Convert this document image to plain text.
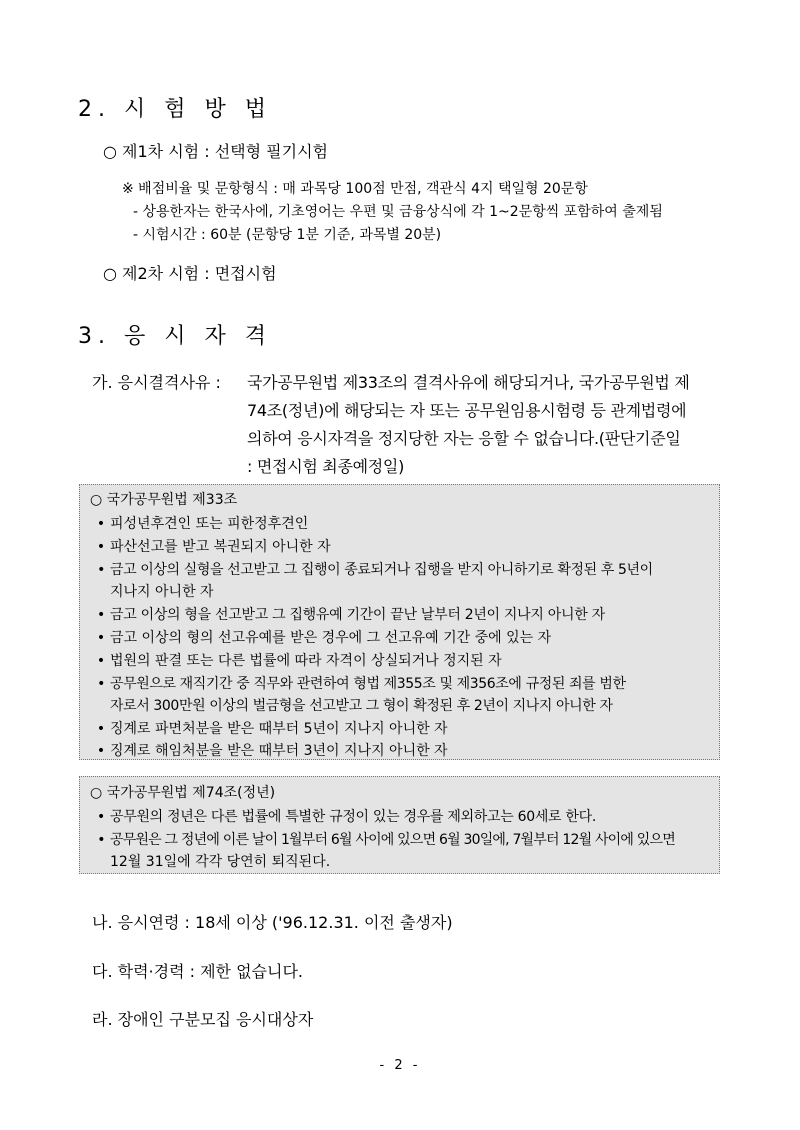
2. 시 험 방 법
○ 제1차 시험 : 선택형 필기시험
※ 배점비율 및 문항형식 : 매 과목당 100점 만점, 객관식 4지 택일형 20문항
- 상용한자는 한국사에, 기초영어는 우편 및 금융상식에 각 1~2문항씩 포함하여 출제됨
- 시험시간 : 60분 (문항당 1분 기준, 과목별 20분)
○ 제2차 시험 : 면접시험
3. 응 시 자 격
가. 응시결격사유 : 국가공무원법 제33조의 결격사유에 해당되거나, 국가공무원법 제
74조(정년)에 해당되는 자 또는 공무원임용시험령 등 관계법령에
의하여 응시자격을 정지당한 자는 응할 수 없습니다.(판단기준일
: 면접시험 최종예정일)
○ 국가공무원법 제33조
• 피성년후견인 또는 피한정후견인
• 파산선고를 받고 복권되지 아니한 자
• 금고 이상의 실형을 선고받고 그 집행이 종료되거나 집행을 받지 아니하기로 확정된 후 5년이
지나지 아니한 자
• 금고 이상의 형을 선고받고 그 집행유예 기간이 끝난 날부터 2년이 지나지 아니한 자
• 금고 이상의 형의 선고유예를 받은 경우에 그 선고유예 기간 중에 있는 자
• 법원의 판결 또는 다른 법률에 따라 자격이 상실되거나 정지된 자
• 공무원으로 재직기간 중 직무와 관련하여 형법 제355조 및 제356조에 규정된 죄를 범한
자로서 300만원 이상의 벌금형을 선고받고 그 형이 확정된 후 2년이 지나지 아니한 자
• 징계로 파면처분을 받은 때부터 5년이 지나지 아니한 자
• 징계로 해임처분을 받은 때부터 3년이 지나지 아니한 자
○ 국가공무원법 제74조(정년)
• 공무원의 정년은 다른 법률에 특별한 규정이 있는 경우를 제외하고는 60세로 한다.
• 공무원은 그 정년에 이른 날이 1월부터 6월 사이에 있으면 6월 30일에, 7월부터 12월 사이에 있으면
12월 31일에 각각 당연히 퇴직된다.
나. 응시연령 : 18세 이상 ('96.12.31. 이전 출생자)
다. 학력·경력 : 제한 없습니다.
라. 장애인 구분모집 응시대상자
- 2 -
